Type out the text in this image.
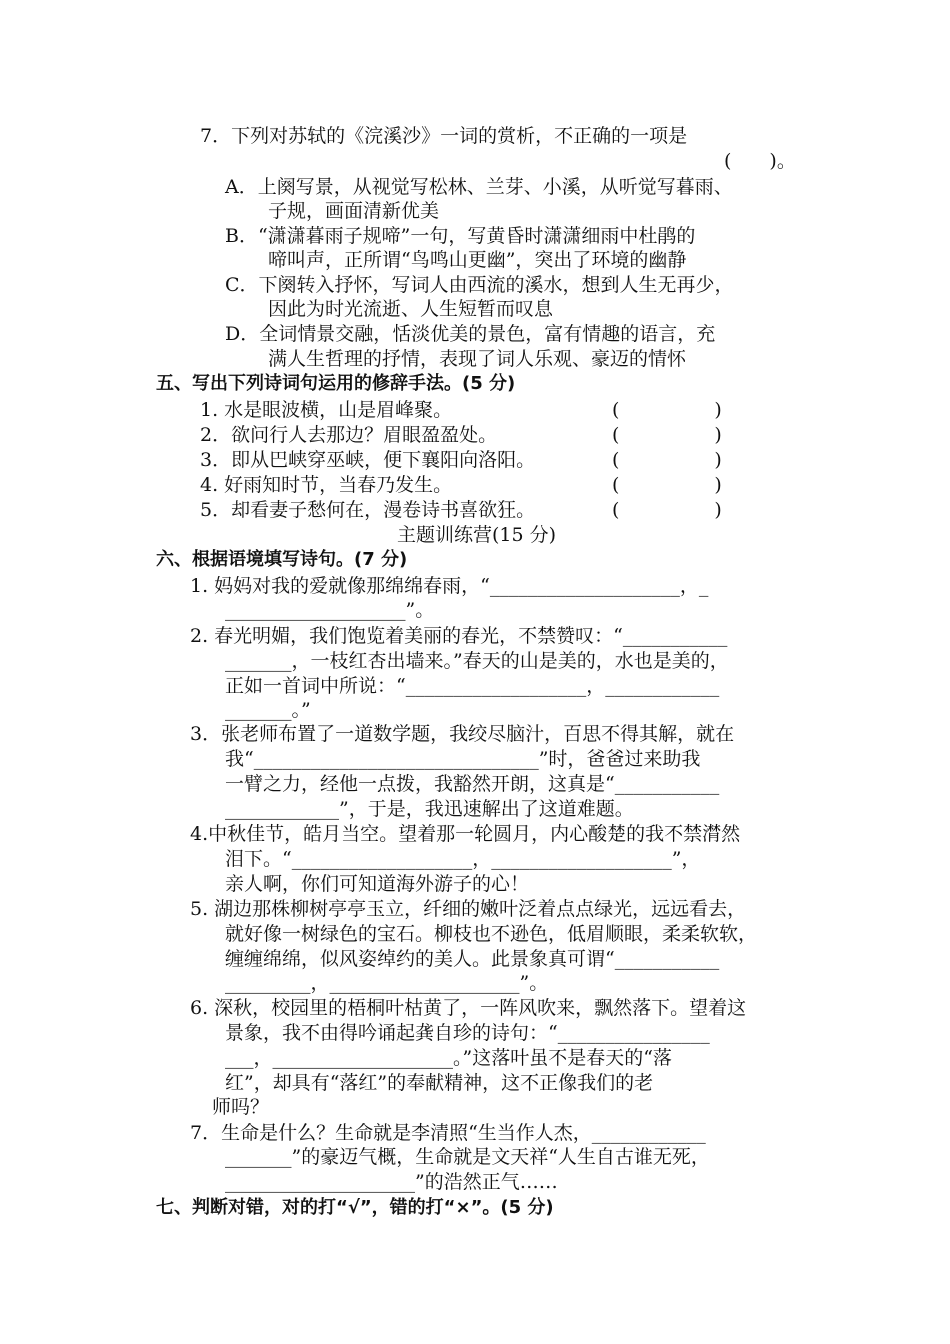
7．下列对苏轼的《浣溪沙》一词的赏析，不正确的一项是
(　　)。
A．上阕写景，从视觉写松林、兰芽、小溪，从听觉写暮雨、
子规，画面清新优美
B．“潇潇暮雨子规啼”一句，写黄昏时潇潇细雨中杜鹃的
啼叫声，正所谓“鸟鸣山更幽”，突出了环境的幽静
C．下阕转入抒怀，写词人由西流的溪水，想到人生无再少，
因此为时光流逝、人生短暂而叹息
D．全词情景交融，恬淡优美的景色，富有情趣的语言，充
满人生哲理的抒情，表现了词人乐观、豪迈的情怀
五、写出下列诗词句运用的修辞手法。(5 分)
1. 水是眼波横，山是眉峰聚。	(　　　　　)
2．欲问行人去那边？眉眼盈盈处。	(　　　　　)
3．即从巴峡穿巫峡，便下襄阳向洛阳。	(　　　　　)
4. 好雨知时节，当春乃发生。	(　　　　　)
5．却看妻子愁何在，漫卷诗书喜欲狂。	(　　　　　)
主题训练营(15 分)
六、根据语境填写诗句。(7 分)
1. 妈妈对我的爱就像那绵绵春雨，“____________________，_
___________________”。
2. 春光明媚，我们饱览着美丽的春光，不禁赞叹：“___________
_______，一枝红杏出墙来。”春天的山是美的，水也是美的，
正如一首词中所说：“___________________，____________
_______。”
3．张老师布置了一道数学题，我绞尽脑汁，百思不得其解，就在
我“______________________________”时，爸爸过来助我
一臂之力，经他一点拨，我豁然开朗，这真是“___________
____________”，于是，我迅速解出了这道难题。
4.中秋佳节，皓月当空。望着那一轮圆月，内心酸楚的我不禁潸然
泪下。“___________________，___________________”，
亲人啊，你们可知道海外游子的心！
5. 湖边那株柳树亭亭玉立，纤细的嫩叶泛着点点绿光，远远看去，
就好像一树绿色的宝石。柳枝也不逊色，低眉顺眼，柔柔软软，
缠缠绵绵，似风姿绰约的美人。此景象真可谓“___________
_________，____________________”。
6. 深秋，校园里的梧桐叶枯黄了，一阵风吹来，飘然落下。望着这
景象，我不由得吟诵起龚自珍的诗句：“________________
___，___________________。”这落叶虽不是春天的“落
红”，却具有“落红”的奉献精神，这不正像我们的老
师吗？
7．生命是什么？生命就是李清照“生当作人杰，____________
_______”的豪迈气概，生命就是文天祥“人生自古谁无死，
____________________”的浩然正气……
七、判断对错，对的打“√”，错的打“×”。(5 分)
